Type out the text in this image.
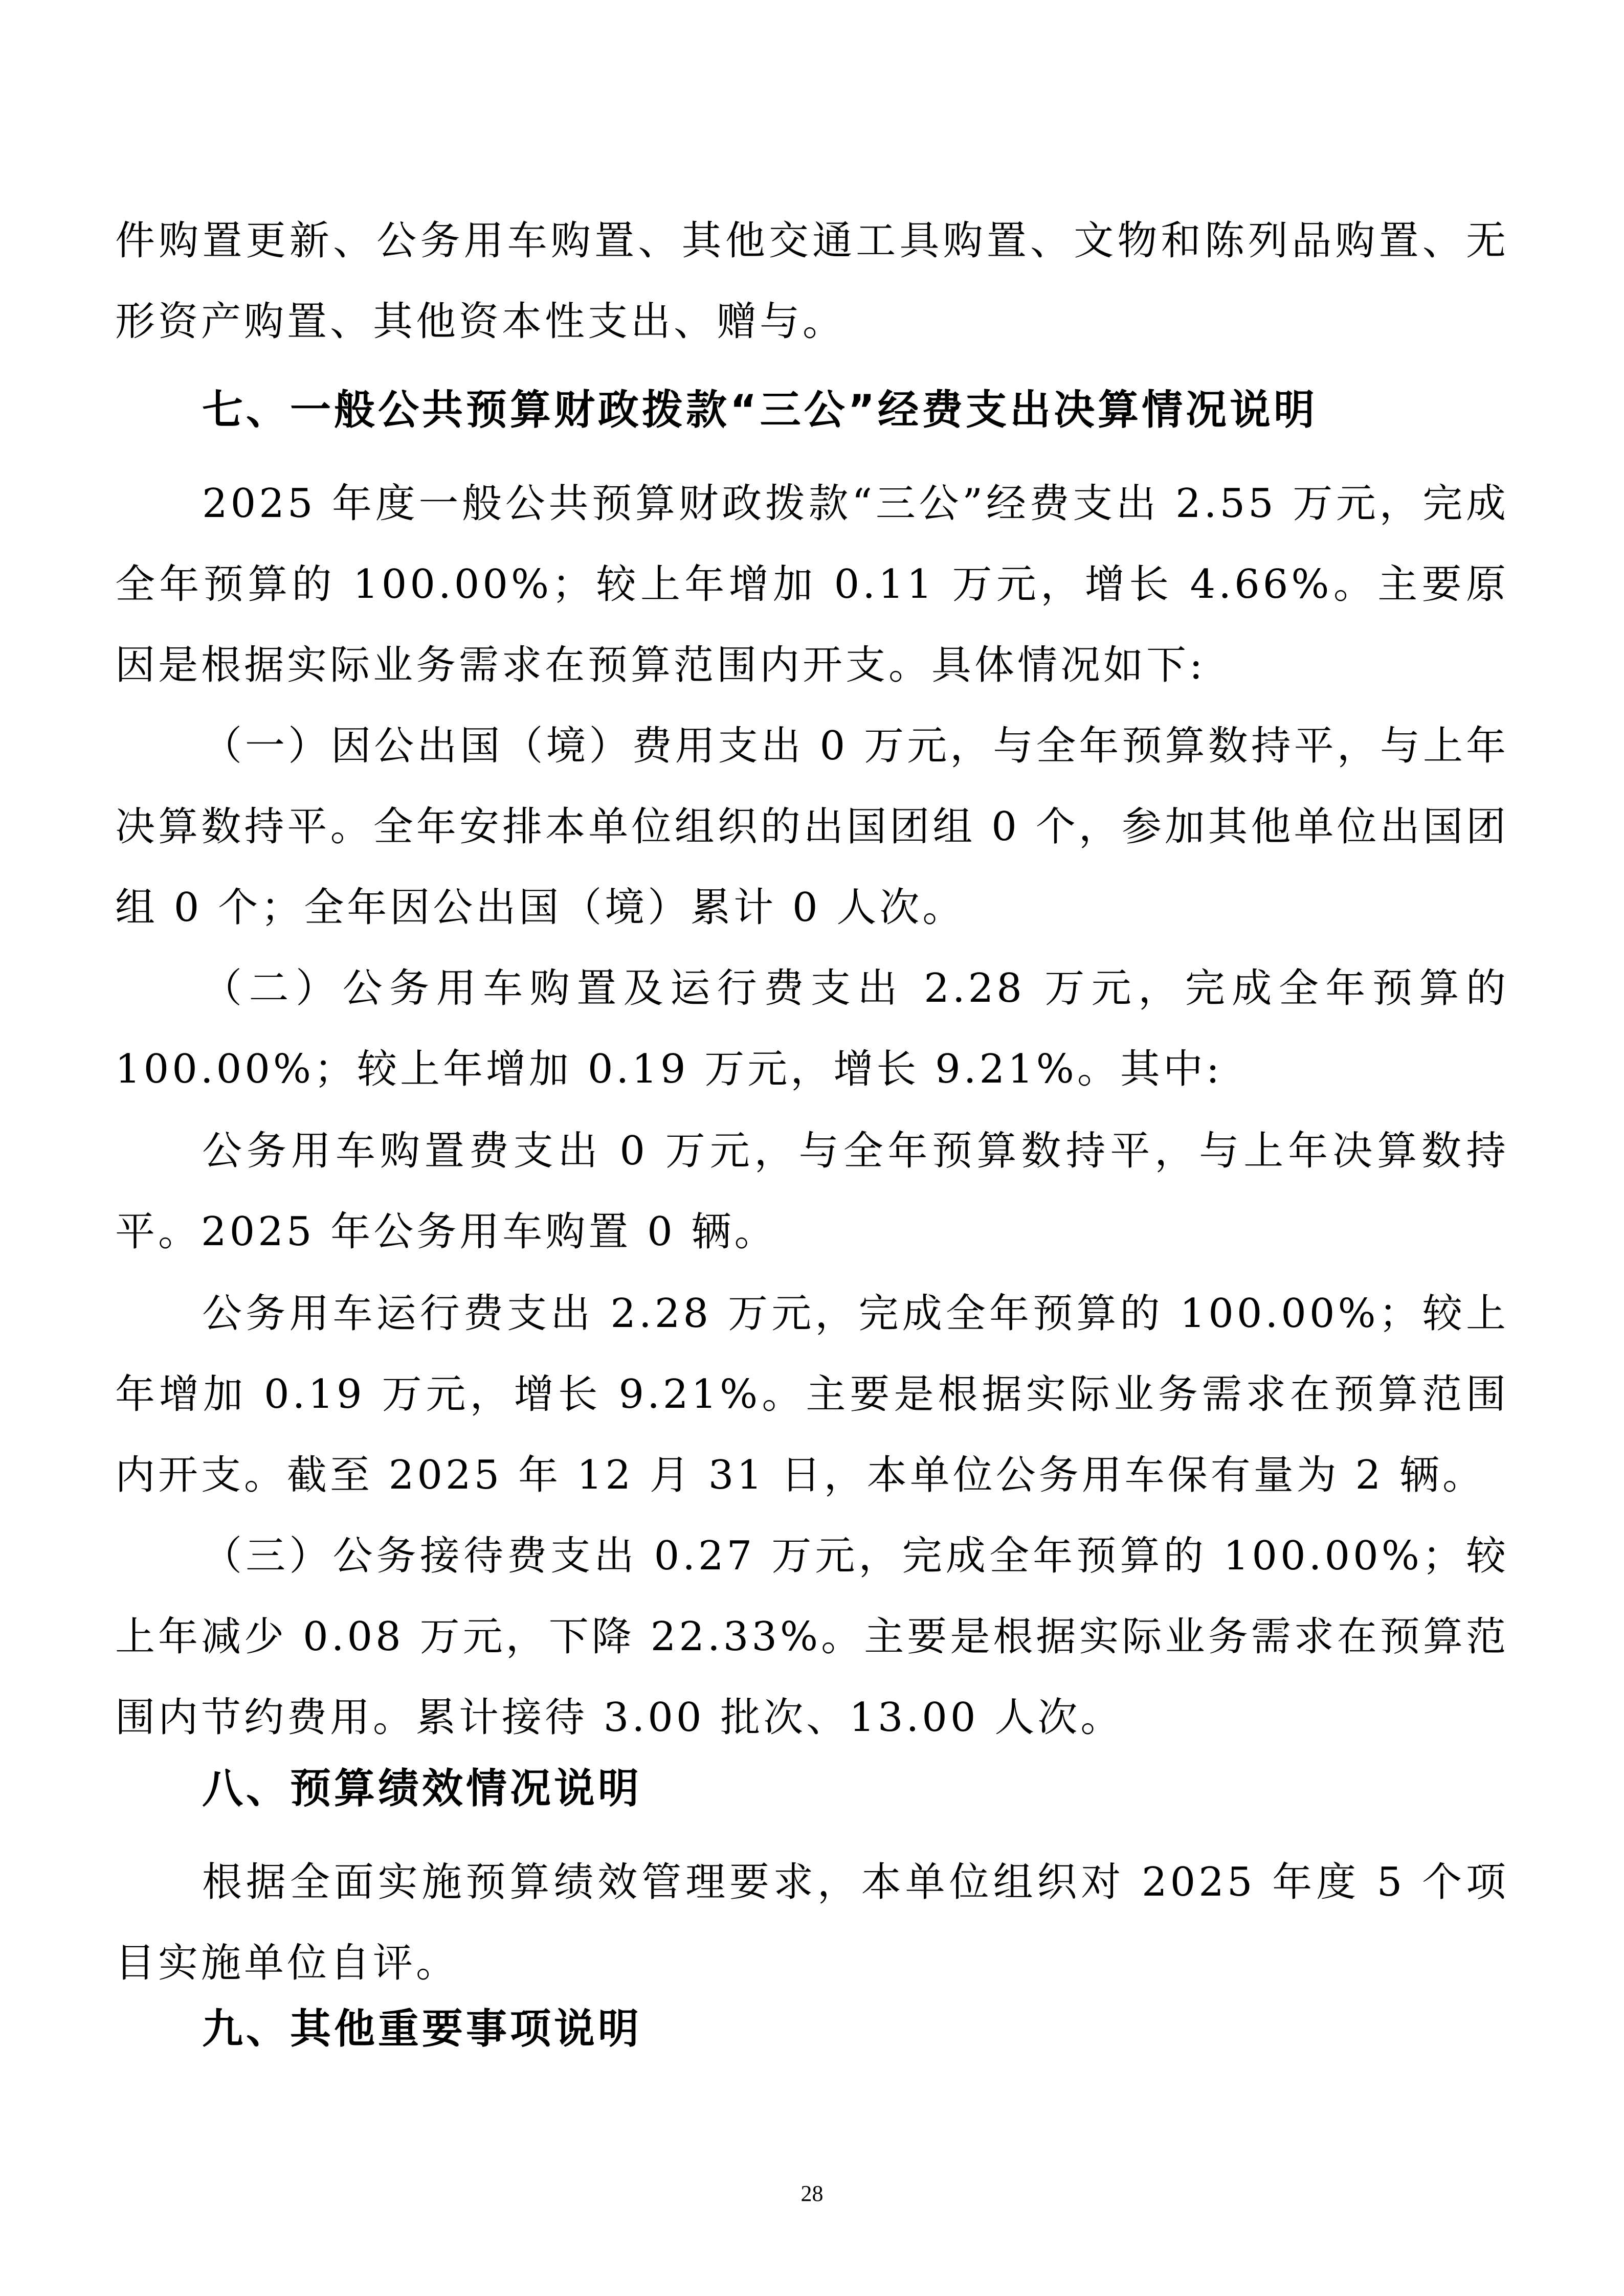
件购置更新、公务用车购置、其他交通工具购置、文物和陈列品购置、无形资产购置、其他资本性支出、赠与。

七、一般公共预算财政拨款“三公”经费支出决算情况说明

2025 年度一般公共预算财政拨款“三公”经费支出 2.55 万元，完成全年预算的 100.00%；较上年增加 0.11 万元，增长 4.66%。主要原因是根据实际业务需求在预算范围内开支。具体情况如下:

（一）因公出国（境）费用支出 0 万元，与全年预算数持平，与上年决算数持平。全年安排本单位组织的出国团组 0 个，参加其他单位出国团组 0 个；全年因公出国（境）累计 0 人次。

（二）公务用车购置及运行费支出 2.28 万元，完成全年预算的 100.00%；较上年增加 0.19 万元，增长 9.21%。其中:

公务用车购置费支出 0 万元，与全年预算数持平，与上年决算数持平。2025 年公务用车购置 0 辆。

公务用车运行费支出 2.28 万元，完成全年预算的 100.00%；较上年增加 0.19 万元，增长 9.21%。主要是根据实际业务需求在预算范围内开支。截至 2025 年 12 月 31 日，本单位公务用车保有量为 2 辆。

（三）公务接待费支出 0.27 万元，完成全年预算的 100.00%；较上年减少 0.08 万元，下降 22.33%。主要是根据实际业务需求在预算范围内节约费用。累计接待 3.00 批次、13.00 人次。

八、预算绩效情况说明

根据全面实施预算绩效管理要求，本单位组织对 2025 年度 5 个项目实施单位自评。

九、其他重要事项说明
28
